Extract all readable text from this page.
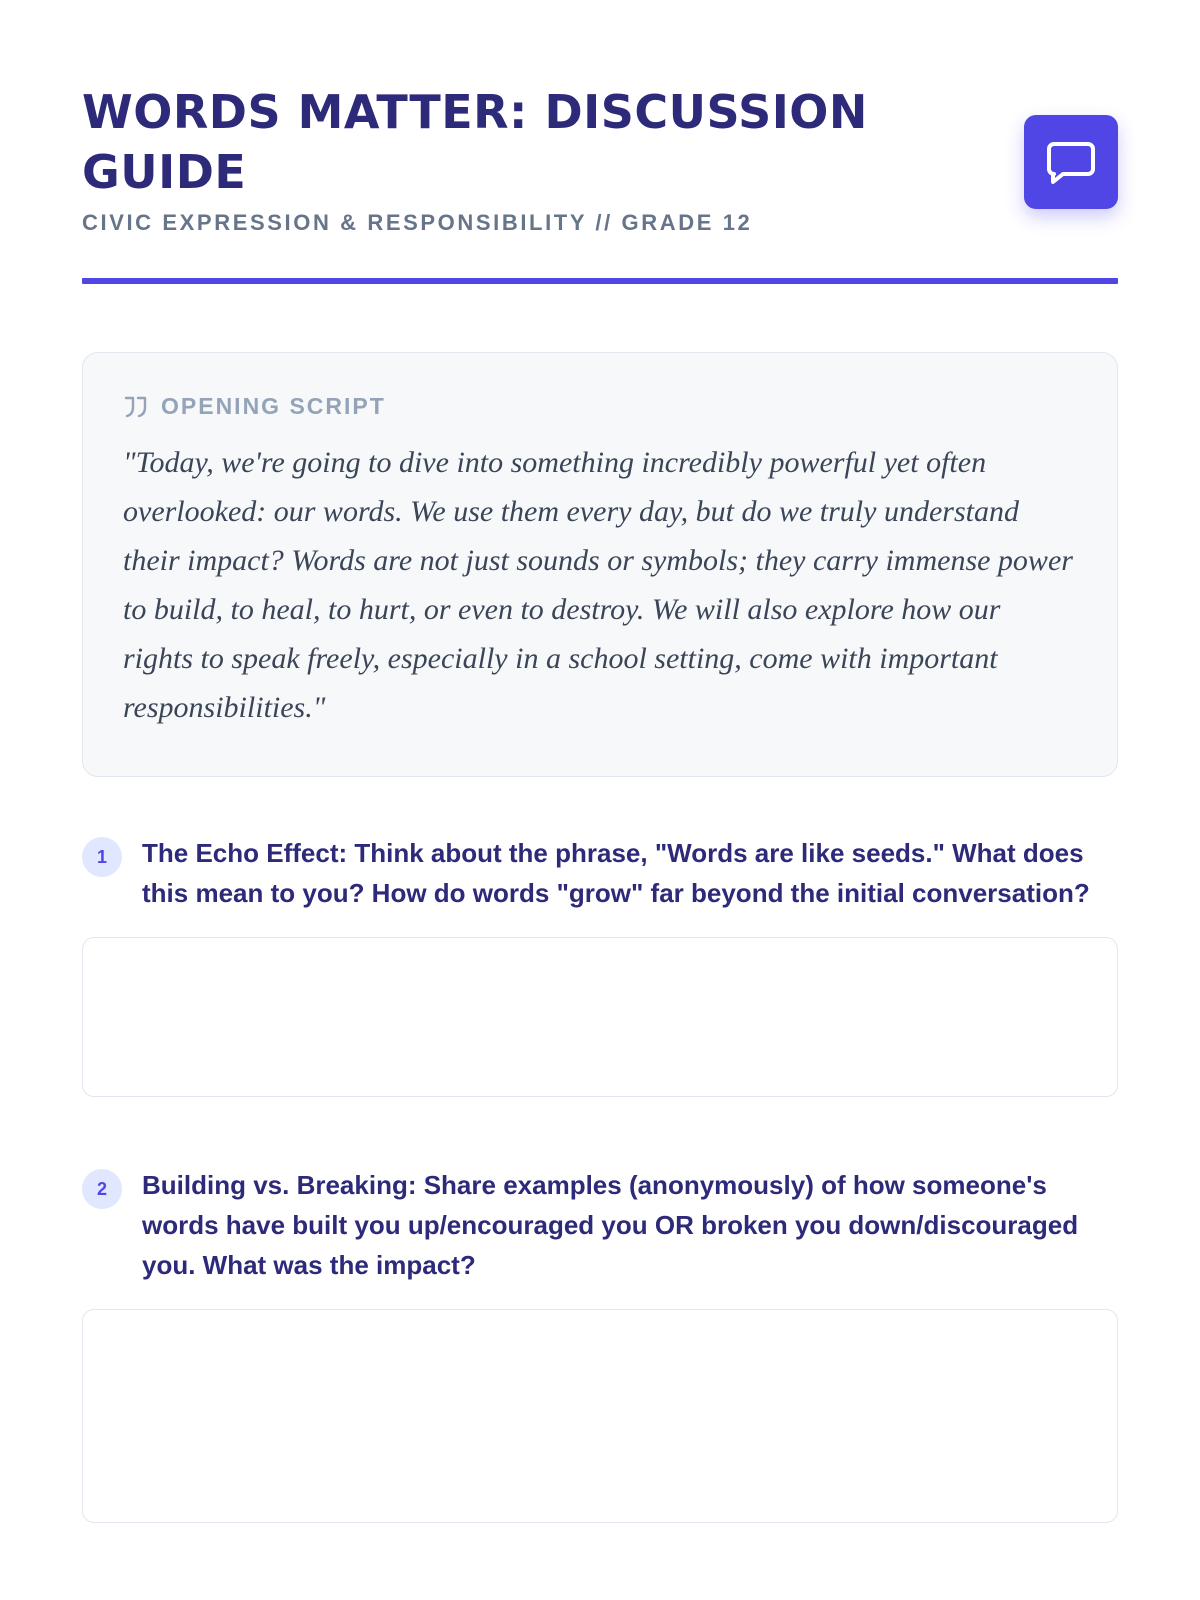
WORDS MATTER: DISCUSSION GUIDE
CIVIC EXPRESSION & RESPONSIBILITY // GRADE 12
OPENING SCRIPT
"Today, we're going to dive into something incredibly powerful yet often overlooked: our words. We use them every day, but do we truly understand their impact? Words are not just sounds or symbols; they carry immense power to build, to heal, to hurt, or even to destroy. We will also explore how our rights to speak freely, especially in a school setting, come with important responsibilities."
1	The Echo Effect: Think about the phrase, "Words are like seeds." What does this mean to you? How do words "grow" far beyond the initial conversation?
2	Building vs. Breaking: Share examples (anonymously) of how someone's words have built you up/encouraged you OR broken you down/discouraged you. What was the impact?
